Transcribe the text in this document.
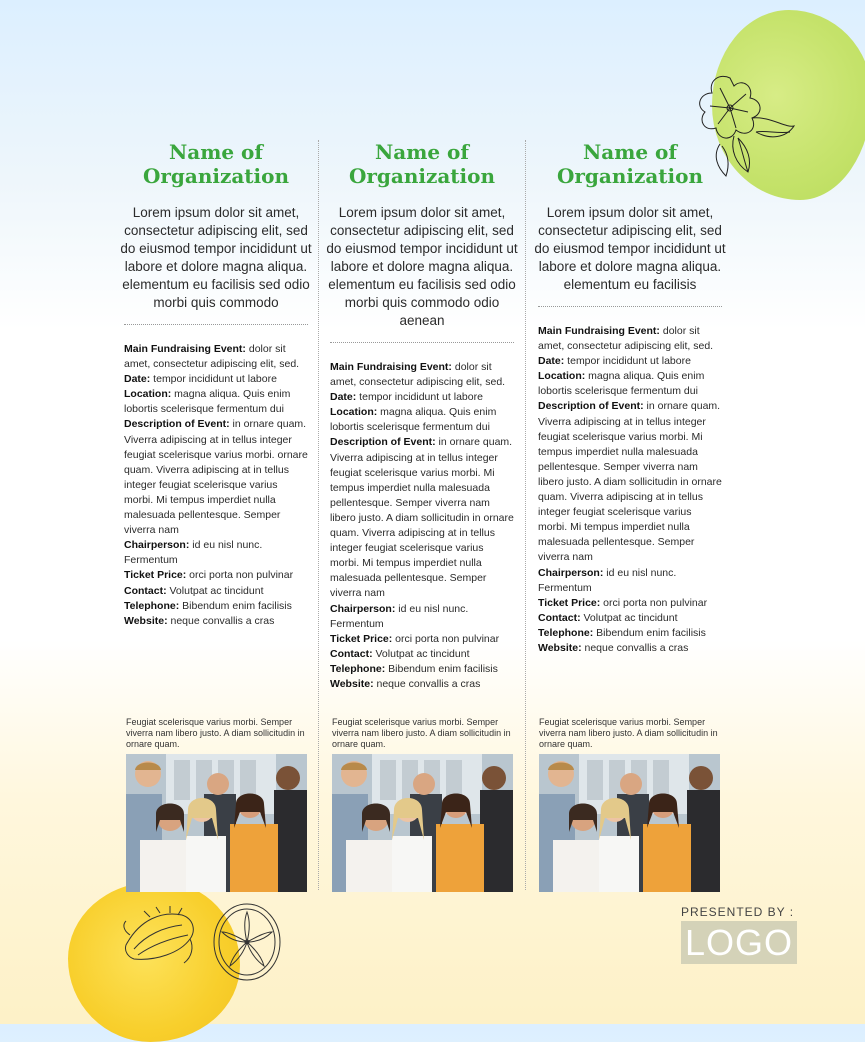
Name of
Organization

Lorem ipsum dolor sit amet, consectetur adipiscing elit, sed do eiusmod tempor incididunt ut labore et dolore magna aliqua. elementum eu facilisis sed odio morbi quis commodo

Main Fundraising Event: dolor sit amet, consectetur adipiscing elit, sed.
Date: tempor incididunt ut labore
Location: magna aliqua. Quis enim lobortis scelerisque fermentum dui
Description of Event: in ornare quam. Viverra adipiscing at in tellus integer feugiat scelerisque varius morbi. ornare quam. Viverra adipiscing at in tellus integer feugiat scelerisque varius morbi. Mi tempus imperdiet nulla malesuada pellentesque. Semper viverra nam
Chairperson: id eu nisl nunc. Fermentum
Ticket Price: orci porta non pulvinar
Contact: Volutpat ac tincidunt
Telephone: Bibendum enim facilisis
Website: neque convallis a cras
Name of
Organization

Lorem ipsum dolor sit amet, consectetur adipiscing elit, sed do eiusmod tempor incididunt ut labore et dolore magna aliqua. elementum eu facilisis sed odio morbi quis commodo odio aenean

Main Fundraising Event: dolor sit amet, consectetur adipiscing elit, sed.
Date: tempor incididunt ut labore
Location: magna aliqua. Quis enim lobortis scelerisque fermentum dui
Description of Event: in ornare quam. Viverra adipiscing at in tellus integer feugiat scelerisque varius morbi. Mi tempus imperdiet nulla malesuada pellentesque. Semper viverra nam libero justo. A diam sollicitudin in ornare quam. Viverra adipiscing at in tellus integer feugiat scelerisque varius morbi. Mi tempus imperdiet nulla malesuada pellentesque. Semper viverra nam
Chairperson: id eu nisl nunc. Fermentum
Ticket Price: orci porta non pulvinar
Contact: Volutpat ac tincidunt
Telephone: Bibendum enim facilisis
Website: neque convallis a cras
Name of
Organization

Lorem ipsum dolor sit amet, consectetur adipiscing elit, sed do eiusmod tempor incididunt ut labore et dolore magna aliqua. elementum eu facilisis

Main Fundraising Event: dolor sit amet, consectetur adipiscing elit, sed.
Date: tempor incididunt ut labore
Location: magna aliqua. Quis enim lobortis scelerisque fermentum dui
Description of Event: in ornare quam. Viverra adipiscing at in tellus integer feugiat scelerisque varius morbi. Mi tempus imperdiet nulla malesuada pellentesque. Semper viverra nam libero justo. A diam sollicitudin in ornare quam. Viverra adipiscing at in tellus integer feugiat scelerisque varius morbi. Mi tempus imperdiet nulla malesuada pellentesque. Semper viverra nam
Chairperson: id eu nisl nunc. Fermentum
Ticket Price: orci porta non pulvinar
Contact: Volutpat ac tincidunt
Telephone: Bibendum enim facilisis
Website: neque convallis a cras
Feugiat scelerisque varius morbi. Semper viverra nam libero justo. A diam sollicitudin in ornare quam.
Feugiat scelerisque varius morbi. Semper viverra nam libero justo. A diam sollicitudin in ornare quam.
Feugiat scelerisque varius morbi. Semper viverra nam libero justo. A diam sollicitudin in ornare quam.
PRESENTED BY :
LOGO
